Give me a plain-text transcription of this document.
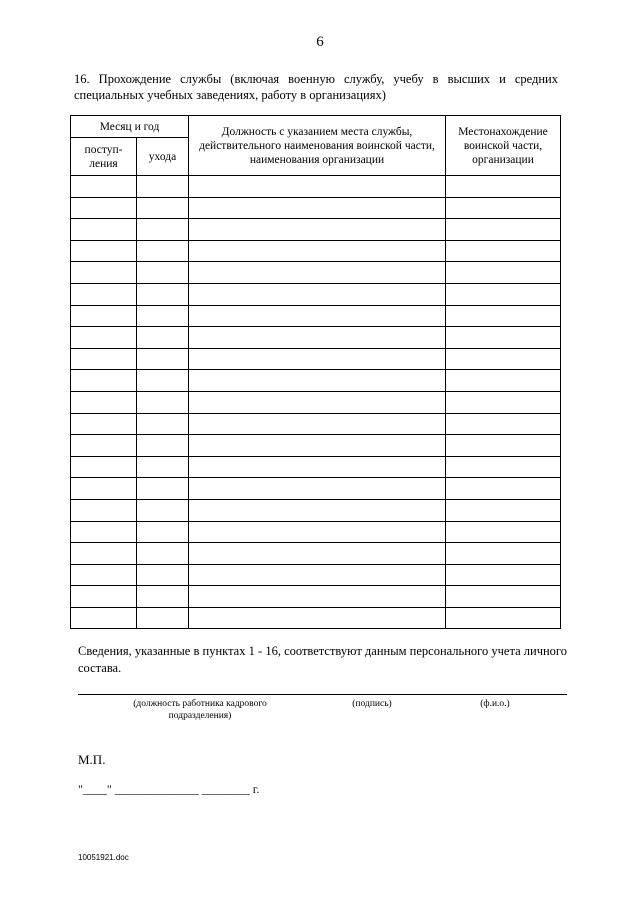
6
16. Прохождение службы (включая военную службу, учебу в высших и средних специальных учебных заведениях, работу в организациях)
Месяц и год		Должность с указанием места службы, действительного наименования воинской части, наименования организации	Местонахождение воинской части, организации
поступ-ления	ухода		

Сведения, указанные в пунктах 1 - 16, соответствуют данным персонального учета личного состава.
(должность работника кадрового подразделения)
(подпись)	(ф.и.о.)
М.П.
"____" ______________ ________ г.
10051921.doc
